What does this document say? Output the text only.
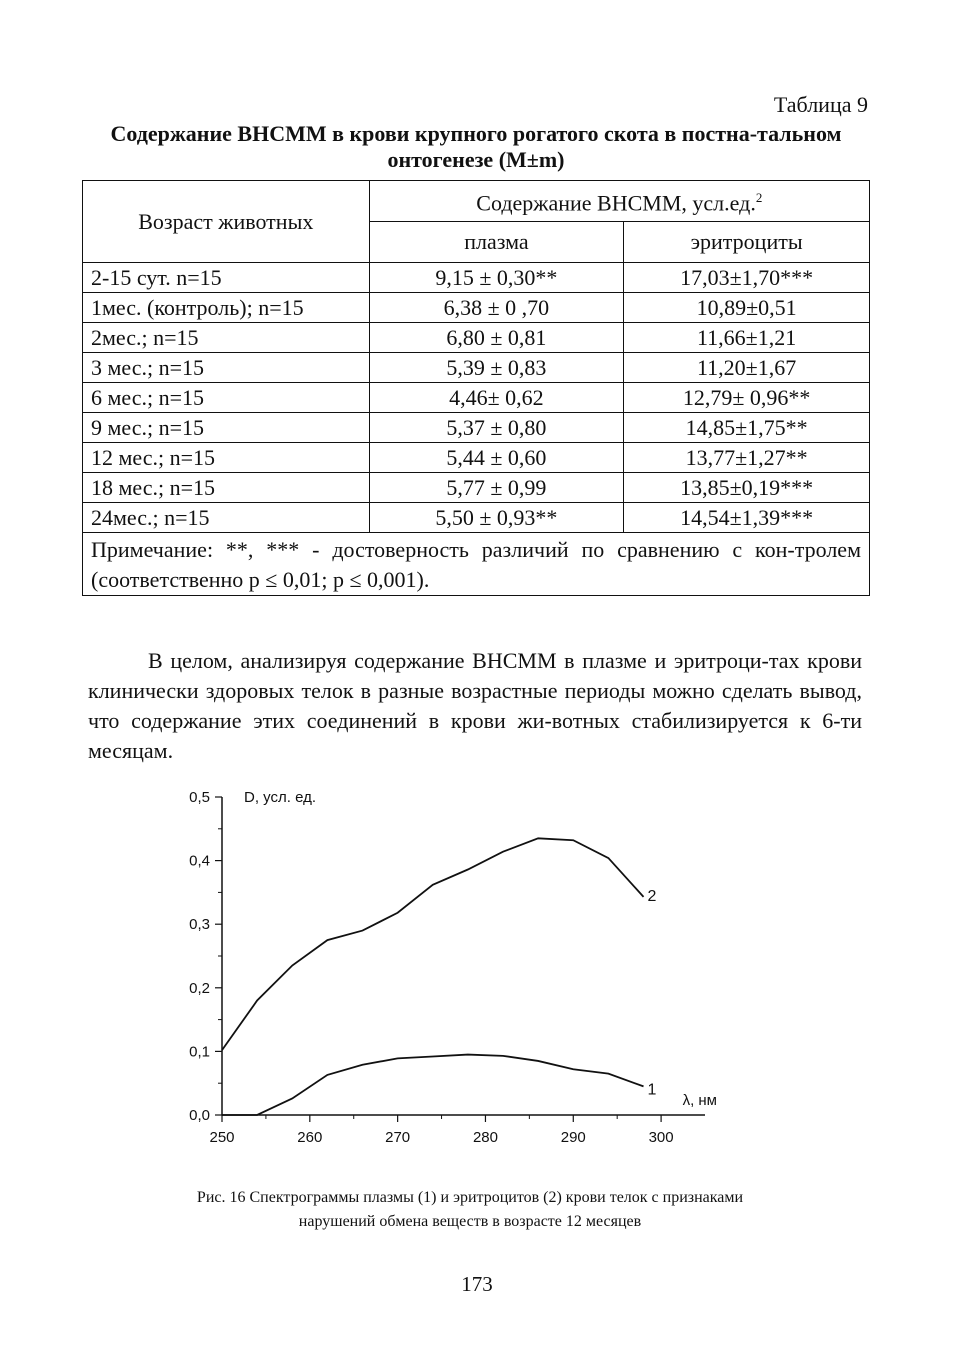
Таблица 9
Содержание ВНСММ в крови крупного рогатого скота в постна-тальном онтогенезе (М±m)
Возраст животных	Содержание ВНСММ, усл.ед.$^2$
	плазма	эритроциты
2-15 сут. n=15	9,15 ± 0,30**	17,03±1,70***
1мес. (контроль); n=15	6,38 ± 0 ,70	10,89±0,51
2мес.; n=15	6,80 ± 0,81	11,66±1,21
3 мес.; n=15	5,39 ± 0,83	11,20±1,67
6 мес.; n=15	4,46± 0,62	12,79± 0,96**
9 мес.; n=15	5,37 ± 0,80	14,85±1,75**
12 мес.; n=15	5,44 ± 0,60	13,77±1,27**
18 мес.; n=15	5,77 ± 0,99	13,85±0,19***
24мес.; n=15	5,50 ± 0,93**	14,54±1,39***
Примечание: **, *** - достоверность различий по сравнению с кон-тролем (соответственно р ≤ 0,01; р ≤ 0,001).		
В целом, анализируя содержание ВНСММ в плазме и эритроци-тах крови клинически здоровых телок в разные возрастные периоды можно сделать вывод, что содержание этих соединений в крови жи-вотных стабилизируется к 6-ти месяцам.
250	260	270	280	290	300
0,0
0,1
0,2
0,3
0,4
0,5 D, усл. ед.
λ, нм
1
2
Рис. 16 Спектрограммы плазмы (1) и эритроцитов (2) крови телок с признаками нарушений обмена веществ в возрасте 12 месяцев
173
